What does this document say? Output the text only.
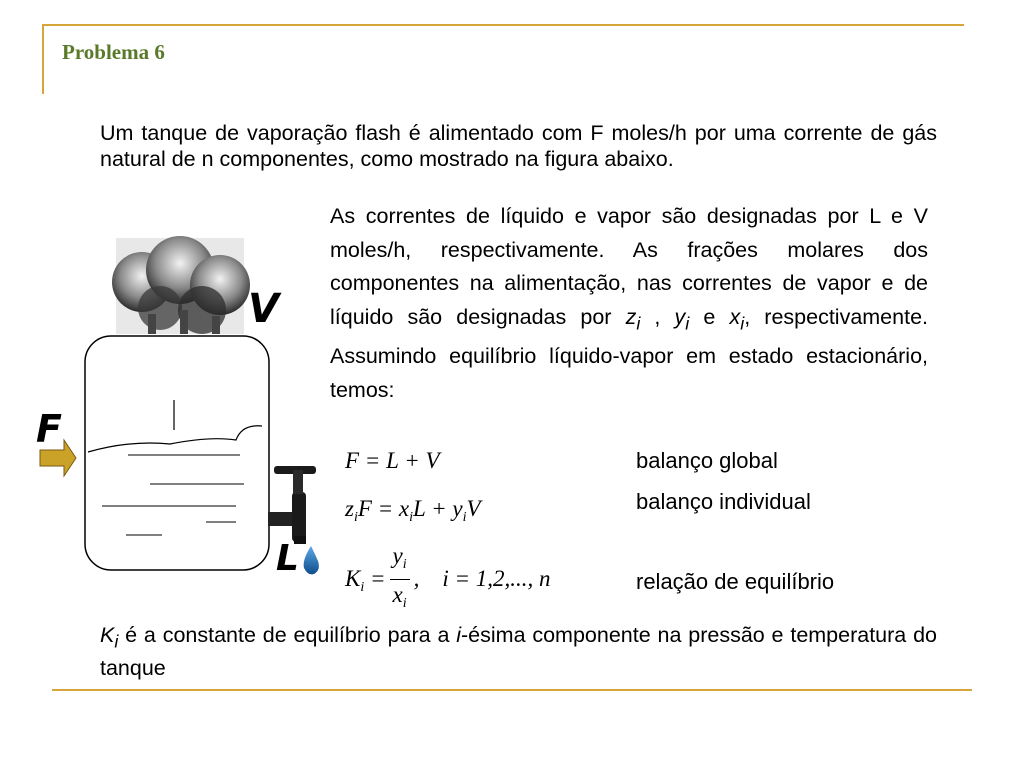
Problema 6

Um tanque de vaporação flash é alimentado com F moles/h por uma corrente de gás natural de n componentes, como mostrado na figura abaixo.

As correntes de líquido e vapor são designadas por L e V moles/h, respectivamente. As frações molares dos componentes na alimentação, nas correntes de vapor e de líquido são designadas por $z_i$ , $y_i$ e $x_i$, respectivamente. Assumindo equilíbrio líquido-vapor em estado estacionário, temos:

F = L + V
$z_iF = x_iL + y_iV$
$K_i = \frac{y_i}{x_i}$ ,    i = 1,2,..., n
balanço global
balanço individual
relação de equilíbrio

$K_i$ é a constante de equilíbrio para a i-ésima componente na pressão e temperatura do tanque

V
F
L
